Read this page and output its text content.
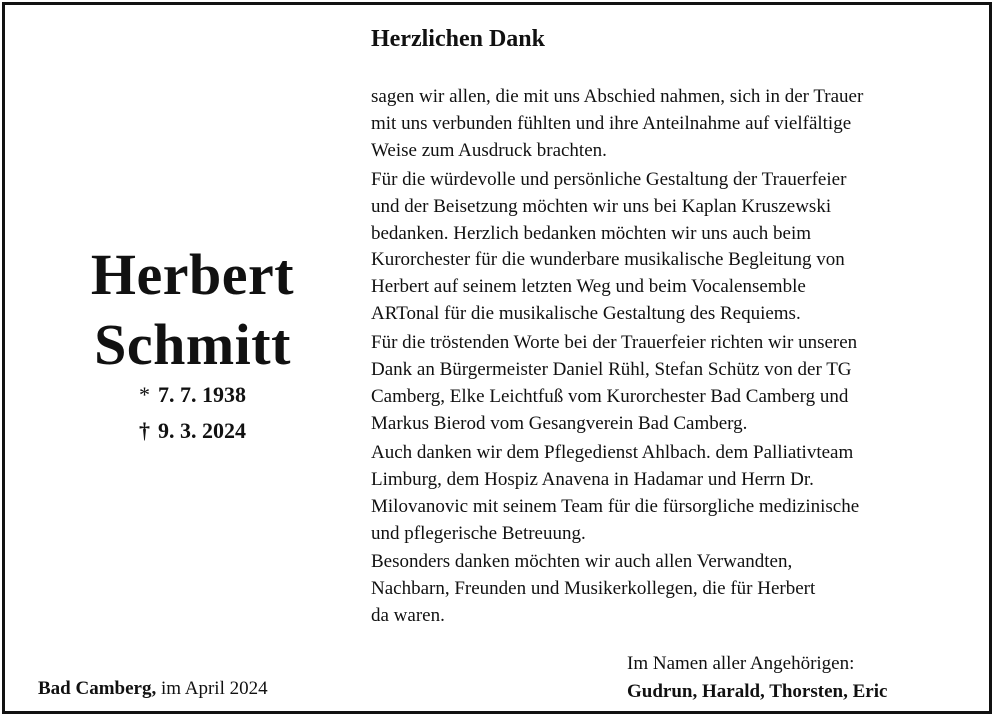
Herbert
Schmitt
* 7. 7. 1938
† 9. 3. 2024
Herzlichen Dank
sagen wir allen, die mit uns Abschied nahmen, sich in der Trauer
mit uns verbunden fühlten und ihre Anteilnahme auf vielfältige
Weise zum Ausdruck brachten.
Für die würdevolle und persönliche Gestaltung der Trauerfeier
und der Beisetzung möchten wir uns bei Kaplan Kruszewski
bedanken. Herzlich bedanken möchten wir uns auch beim
Kurorchester für die wunderbare musikalische Begleitung von
Herbert auf seinem letzten Weg und beim Vocalensemble
ARTonal für die musikalische Gestaltung des Requiems.
Für die tröstenden Worte bei der Trauerfeier richten wir unseren
Dank an Bürgermeister Daniel Rühl, Stefan Schütz von der TG
Camberg, Elke Leichtfuß vom Kurorchester Bad Camberg und
Markus Bierod vom Gesangverein Bad Camberg.
Auch danken wir dem Pflegedienst Ahlbach. dem Palliativteam
Limburg, dem Hospiz Anavena in Hadamar und Herrn Dr.
Milovanovic mit seinem Team für die fürsorgliche medizinische
und pflegerische Betreuung.
Besonders danken möchten wir auch allen Verwandten,
Nachbarn, Freunden und Musikerkollegen, die für Herbert
da waren.
Bad Camberg, im April 2024
Im Namen aller Angehörigen:
Gudrun, Harald, Thorsten, Eric
